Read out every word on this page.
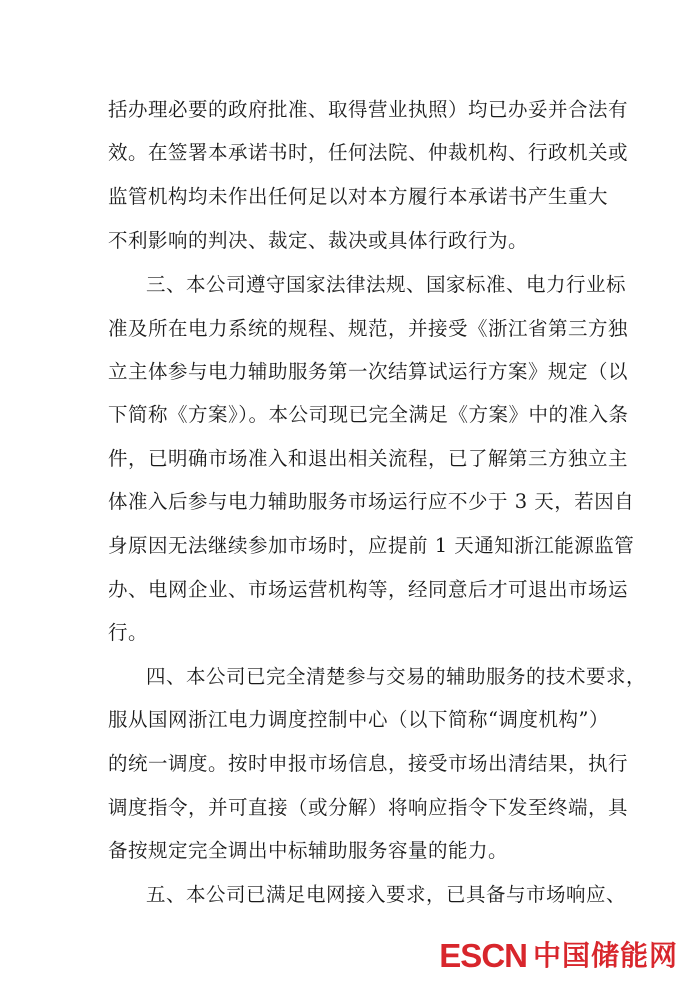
括办理必要的政府批准、取得营业执照）均已办妥并合法有
效。在签署本承诺书时，任何法院、仲裁机构、行政机关或
监管机构均未作出任何足以对本方履行本承诺书产生重大
不利影响的判决、裁定、裁决或具体行政行为。
三、本公司遵守国家法律法规、国家标准、电力行业标
准及所在电力系统的规程、规范，并接受《浙江省第三方独
立主体参与电力辅助服务第一次结算试运行方案》规定（以
下简称《方案》）。本公司现已完全满足《方案》中的准入条
件，已明确市场准入和退出相关流程，已了解第三方独立主
体准入后参与电力辅助服务市场运行应不少于 3 天，若因自
身原因无法继续参加市场时，应提前 1 天通知浙江能源监管
办、电网企业、市场运营机构等，经同意后才可退出市场运
行。
四、本公司已完全清楚参与交易的辅助服务的技术要求，
服从国网浙江电力调度控制中心（以下简称“调度机构”）
的统一调度。按时申报市场信息，接受市场出清结果，执行
调度指令，并可直接（或分解）将响应指令下发至终端，具
备按规定完全调出中标辅助服务容量的能力。
五、本公司已满足电网接入要求，已具备与市场响应、
ESCN 中国储能网
